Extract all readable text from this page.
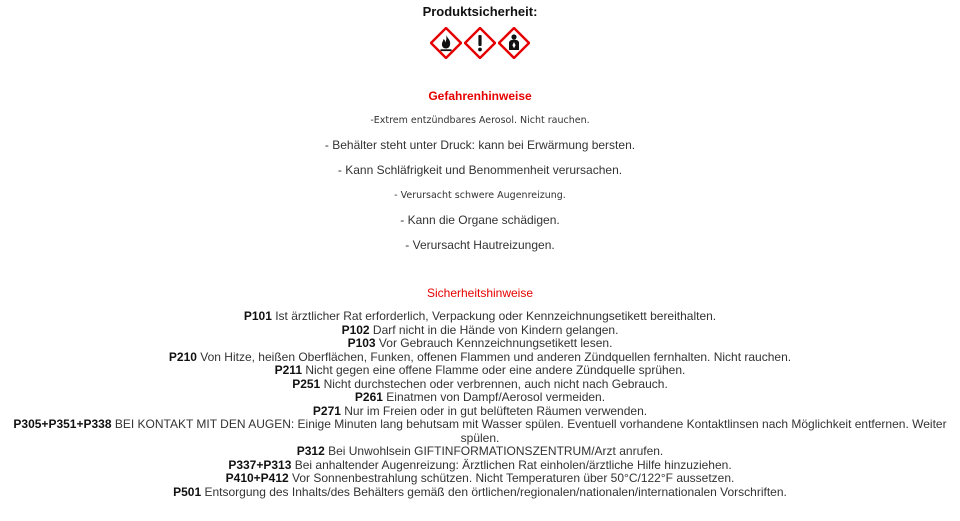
Produktsicherheit:
Gefahrenhinweise
-Extrem entzündbares Aerosol. Nicht rauchen.
- Behälter steht unter Druck: kann bei Erwärmung bersten.
- Kann Schläfrigkeit und Benommenheit verursachen.
- Verursacht schwere Augenreizung.
- Kann die Organe schädigen.
- Verursacht Hautreizungen.
Sicherheitshinweise

P101 Ist ärztlicher Rat erforderlich, Verpackung oder Kennzeichnungsetikett bereithalten.

P102 Darf nicht in die Hände von Kindern gelangen.

P103 Vor Gebrauch Kennzeichnungsetikett lesen.

P210 Von Hitze, heißen Oberflächen, Funken, offenen Flammen und anderen Zündquellen fernhalten. Nicht rauchen.

P211 Nicht gegen eine offene Flamme oder eine andere Zündquelle sprühen.

P251 Nicht durchstechen oder verbrennen, auch nicht nach Gebrauch.

P261 Einatmen von Dampf/Aerosol vermeiden.

P271 Nur im Freien oder in gut belüfteten Räumen verwenden.

P305+P351+P338 BEI KONTAKT MIT DEN AUGEN: Einige Minuten lang behutsam mit Wasser spülen. Eventuell vorhandene Kontaktlinsen nach Möglichkeit entfernen. Weiter spülen.

P312 Bei Unwohlsein GIFTINFORMATIONSZENTRUM/Arzt anrufen.

P337+P313 Bei anhaltender Augenreizung: Ärztlichen Rat einholen/ärztliche Hilfe hinzuziehen.

P410+P412 Vor Sonnenbestrahlung schützen. Nicht Temperaturen über 50°C/122°F aussetzen.

P501 Entsorgung des Inhalts/des Behälters gemäß den örtlichen/regionalen/nationalen/internationalen Vorschriften.
